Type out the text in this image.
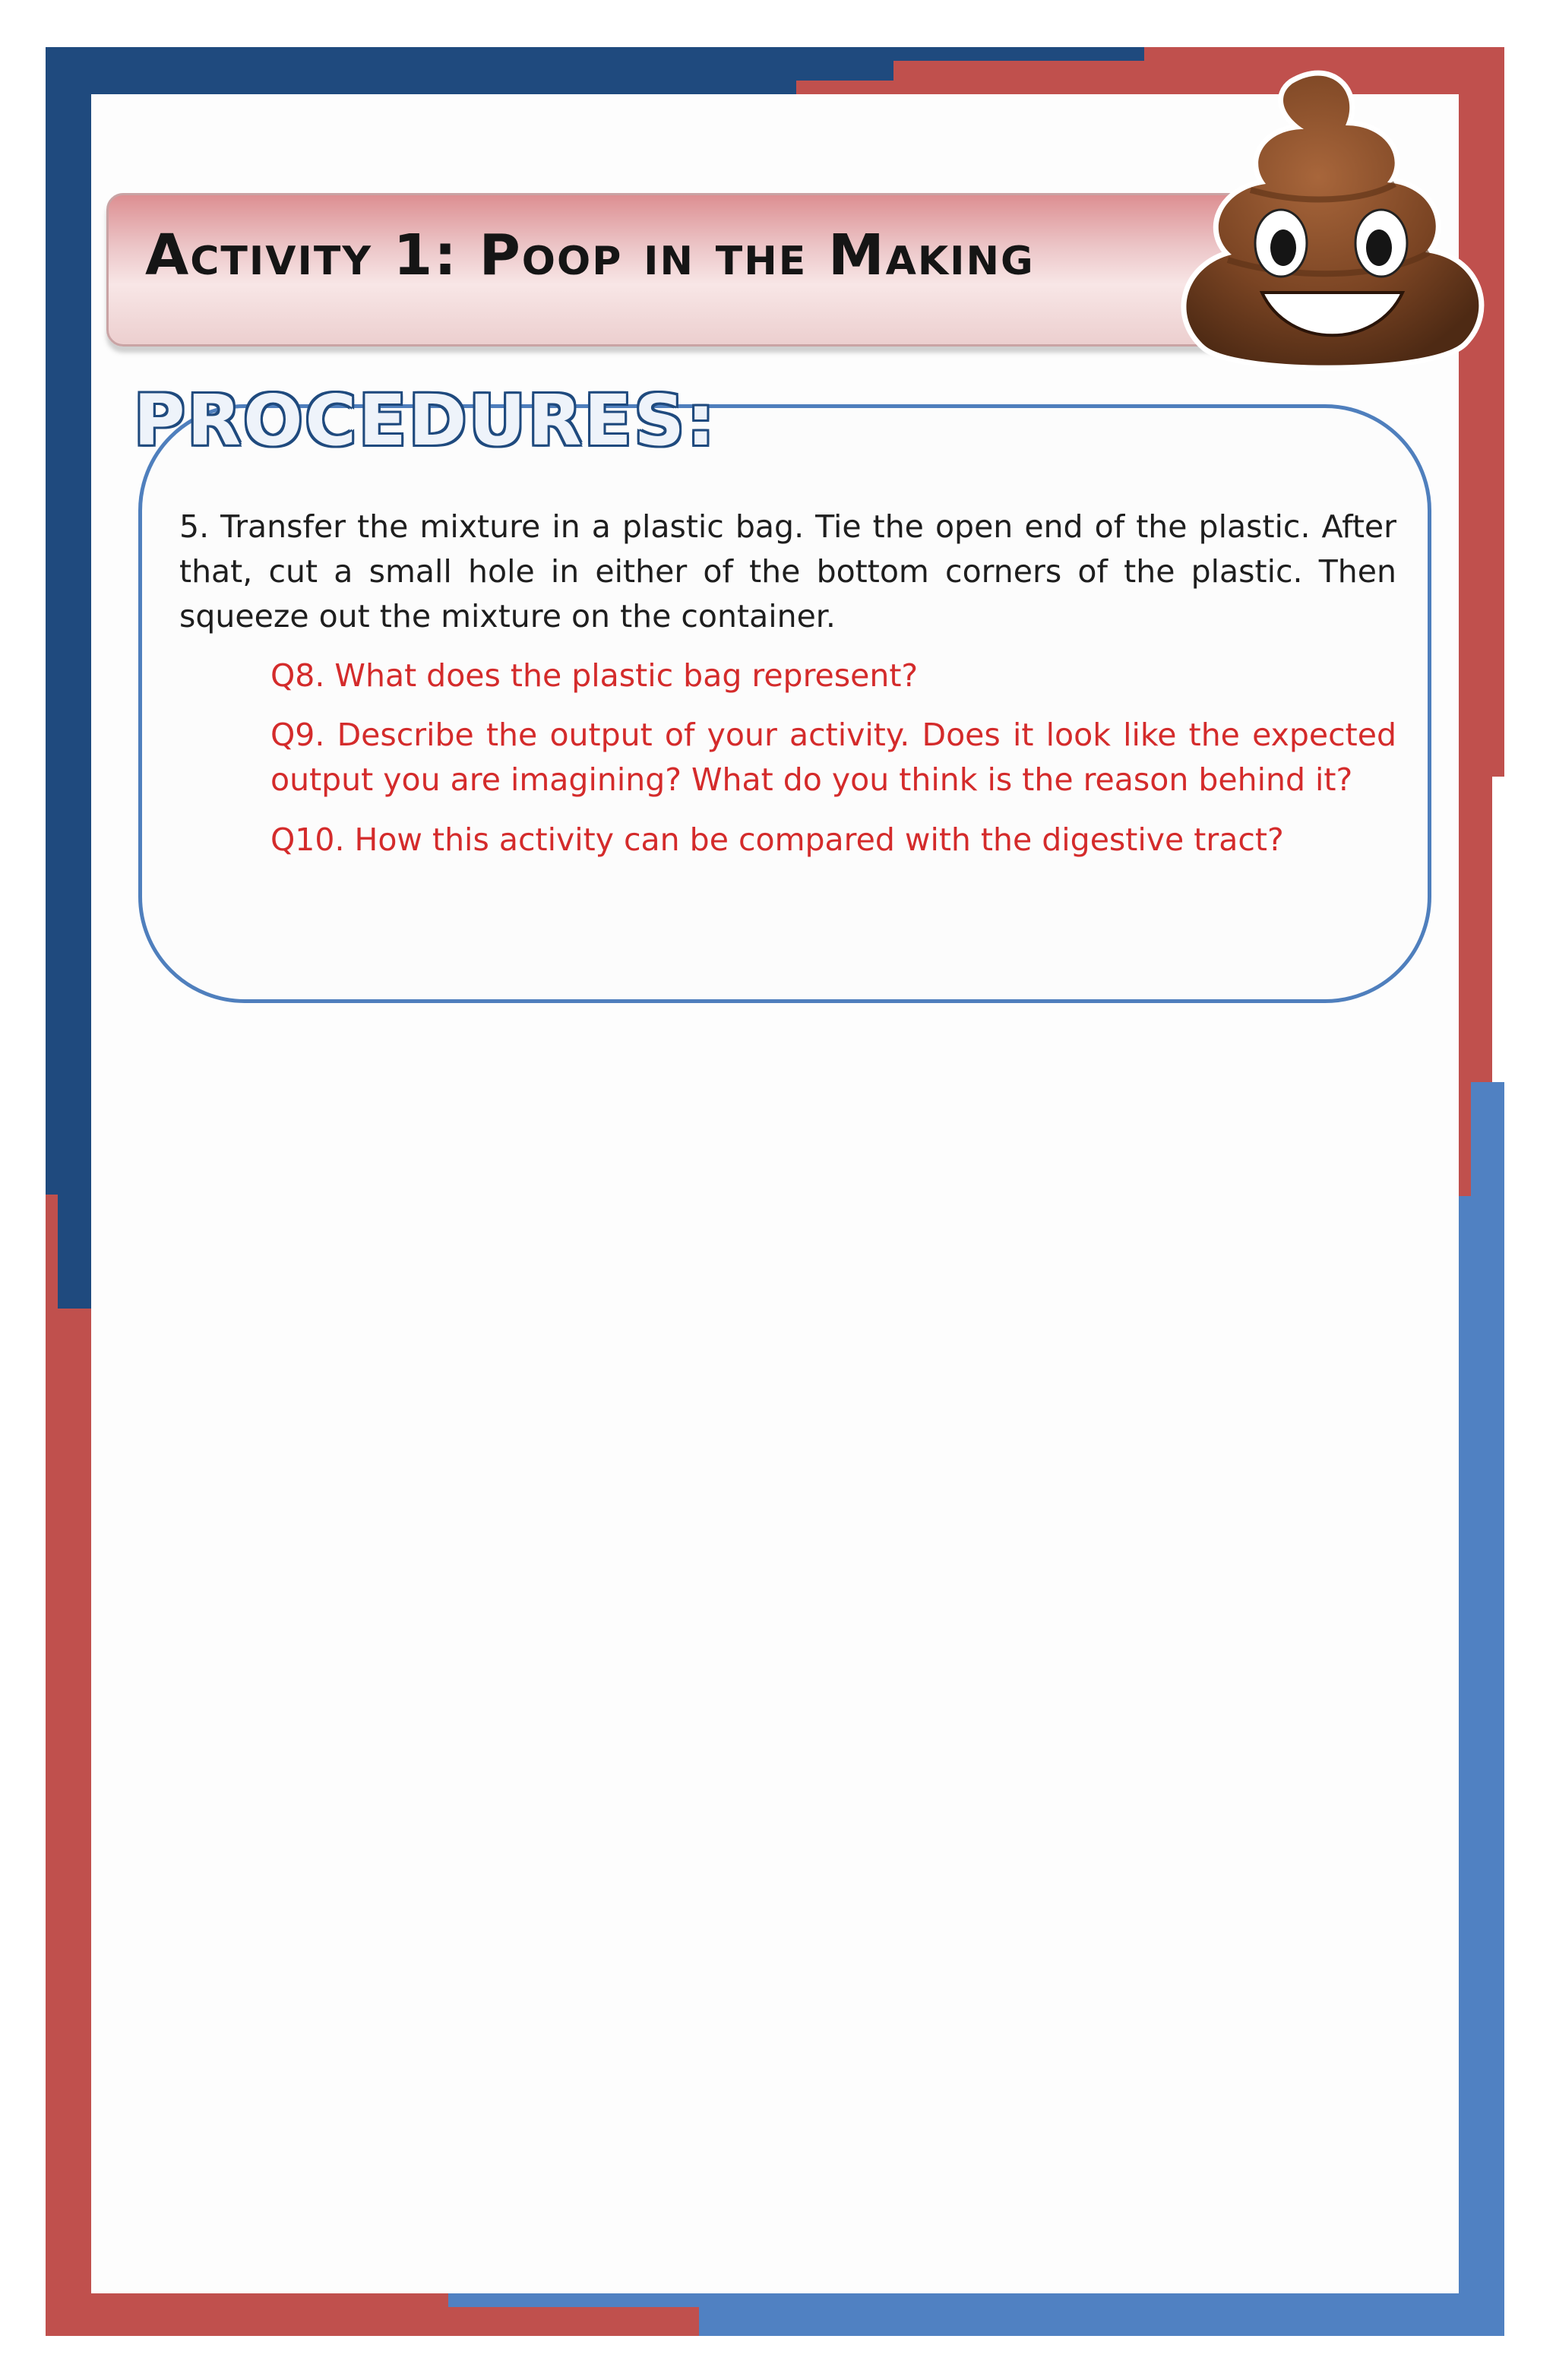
Activity 1: Poop in the Making
PROCEDURES:
5. Transfer the mixture in a plastic bag. Tie the open end of the plastic. After that, cut a small hole in either of the bottom corners of the plastic. Then squeeze out the mixture on the container.
Q8. What does the plastic bag represent?
Q9. Describe the output of your activity. Does it look like the expected output you are imagining? What do you think is the reason behind it?
Q10. How this activity can be compared with the digestive tract?
